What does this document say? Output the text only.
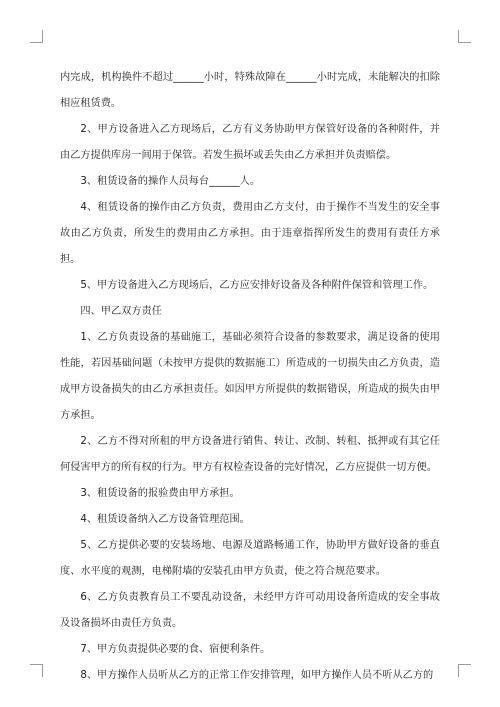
内完成，机构换件不超过______小时，特殊故障在______小时完成，未能解决的扣除相应租赁费。

2、甲方设备进入乙方现场后，乙方有义务协助甲方保管好设备的各种附件，并由乙方提供库房一间用于保管。若发生损坏或丢失由乙方承担并负责赔偿。

3、租赁设备的操作人员每台______人。

4、租赁设备的操作由乙方负责，费用由乙方支付，由于操作不当发生的安全事故由乙方负责，所发生的费用由乙方承担。由于违章指挥所发生的费用有责任方承担。

5、甲方设备进入乙方现场后，乙方应安排好设备及各种附件保管和管理工作。

四、甲乙双方责任

1、乙方负责设备的基础施工，基础必须符合设备的参数要求，满足设备的使用性能，若因基础问题（未按甲方提供的数据施工）所造成的一切损失由乙方负责，造成甲方设备损失的由乙方承担责任。如因甲方所提供的数据错误，所造成的损失由甲方承担。

2、乙方不得对所租的甲方设备进行销售、转让、改制、转租、抵押或有其它任何侵害甲方的所有权的行为。甲方有权检查设备的完好情况，乙方应提供一切方便。

3、租赁设备的报验费由甲方承担。

4、租赁设备纳入乙方设备管理范围。

5、乙方提供必要的安装场地、电源及道路畅通工作，协助甲方做好设备的垂直度、水平度的观测，电梯附墙的安装孔由甲方负责，使之符合规范要求。

6、乙方负责教育员工不要乱动设备，未经甲方许可动用设备所造成的安全事故及设备损坏由责任方负责。

7、甲方负责提供必要的食、宿便利条件。

8、甲方操作人员听从乙方的正常工作安排管理，如甲方操作人员不听从乙方的
